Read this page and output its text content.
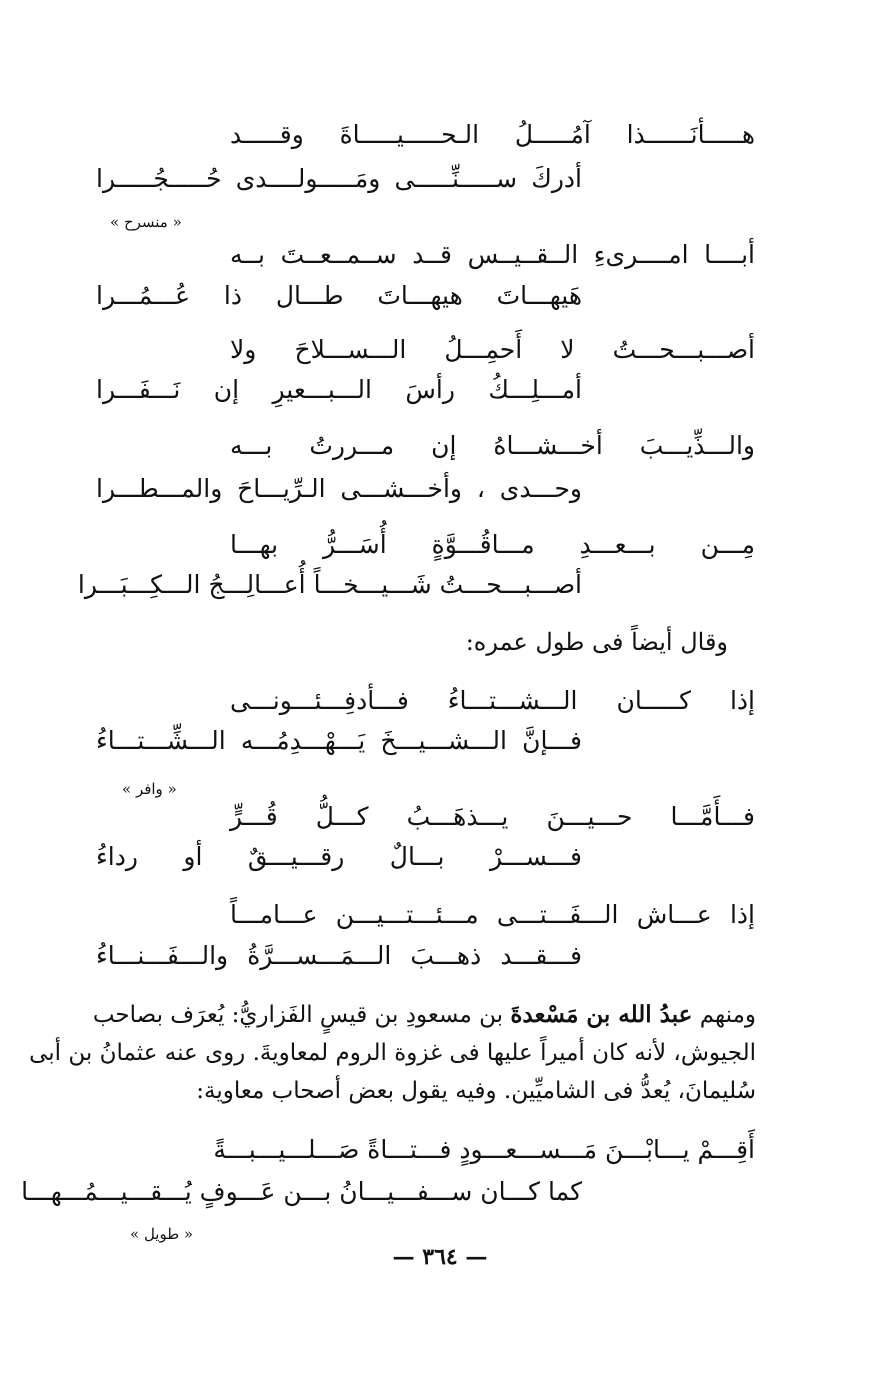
هـــــأنَــــــذا آمُـــــلُ الـحـــــيـــــاةَ وقـــــد
أدركَ ســـــنِّـــــى ومَـــــولــــدى حُـــــجُـــــرا
« منسرح »
أبــــا امــــرىءِ الــقــيــس قــد ســمــعــتَ بــه
هَيهـــاتَ هيهـــاتَ طـــال ذا عُـــمُـــرا
أصـــبـــحـــتُ لا أَحمِـــلُ الـــســـلاحَ ولا
أمـــلِـــكُ رأسَ الـــبـــعيرِ إن نَـــفَـــرا
والـــذِّيـــبَ أخـــشـــاهُ إن مـــررتُ بـــه
وحـــدى ، وأخـــشـــى الـرِّيـــاحَ والمـــطـــرا
مِـــن بـــعـــدِ مـــاقُـــوَّةٍ أُسَـــرُّ بهـــا
أصـــبـــحـــتُ شَـــيـــخـــاً أُعـــالِـــجُ الـــكِـــبَـــرا
وقال أيضاً فى طول عمره:
إذا كـــــان الـــشـــتـــاءُ فـــأدفِـــئـــونـــى
فـــإنَّ الـــشـــيـــخَ يَـــهْـــدِمُـــه الـــشِّـــتـــاءُ
« وافر »
فـــأَمَّـــا حـــيـــنَ يـــذهَـــبُ كـــلُّ قُـــرٍّ
فـــســـرْ بـــالٌ رقـــيـــقٌ أو رداءُ
إذا عـــاش الـــفَـــتـــى مـــئـــتـــيـــن عـــامـــاً
فـــقـــد ذهـــبَ الـــمَـــســـرَّةُ والـــفَـــنـــاءُ
ومنهم عبدُ الله بن مَسْعدةَ بن مسعودِ بن قيسٍ الفَزاريُّ: يُعرَف بصاحب
الجيوش، لأنه كان أميراً عليها فى غزوة الروم لمعاويةَ. روى عنه عثمانُ بن أبى
سُليمانَ، يُعدُّ فى الشاميِّين. وفيه يقول بعض أصحاب معاوية:
أَقِـــمْ يـــابْـــنَ مَـــســـعـــودٍ فـــتـــاةً صَـــلـــيـــبـــةً
كما كـــان ســـفـــيـــانُ بـــن عَـــوفٍ يُـــقـــيـــمُـــهـــا
« طويل »
— ٣٦٤ —
